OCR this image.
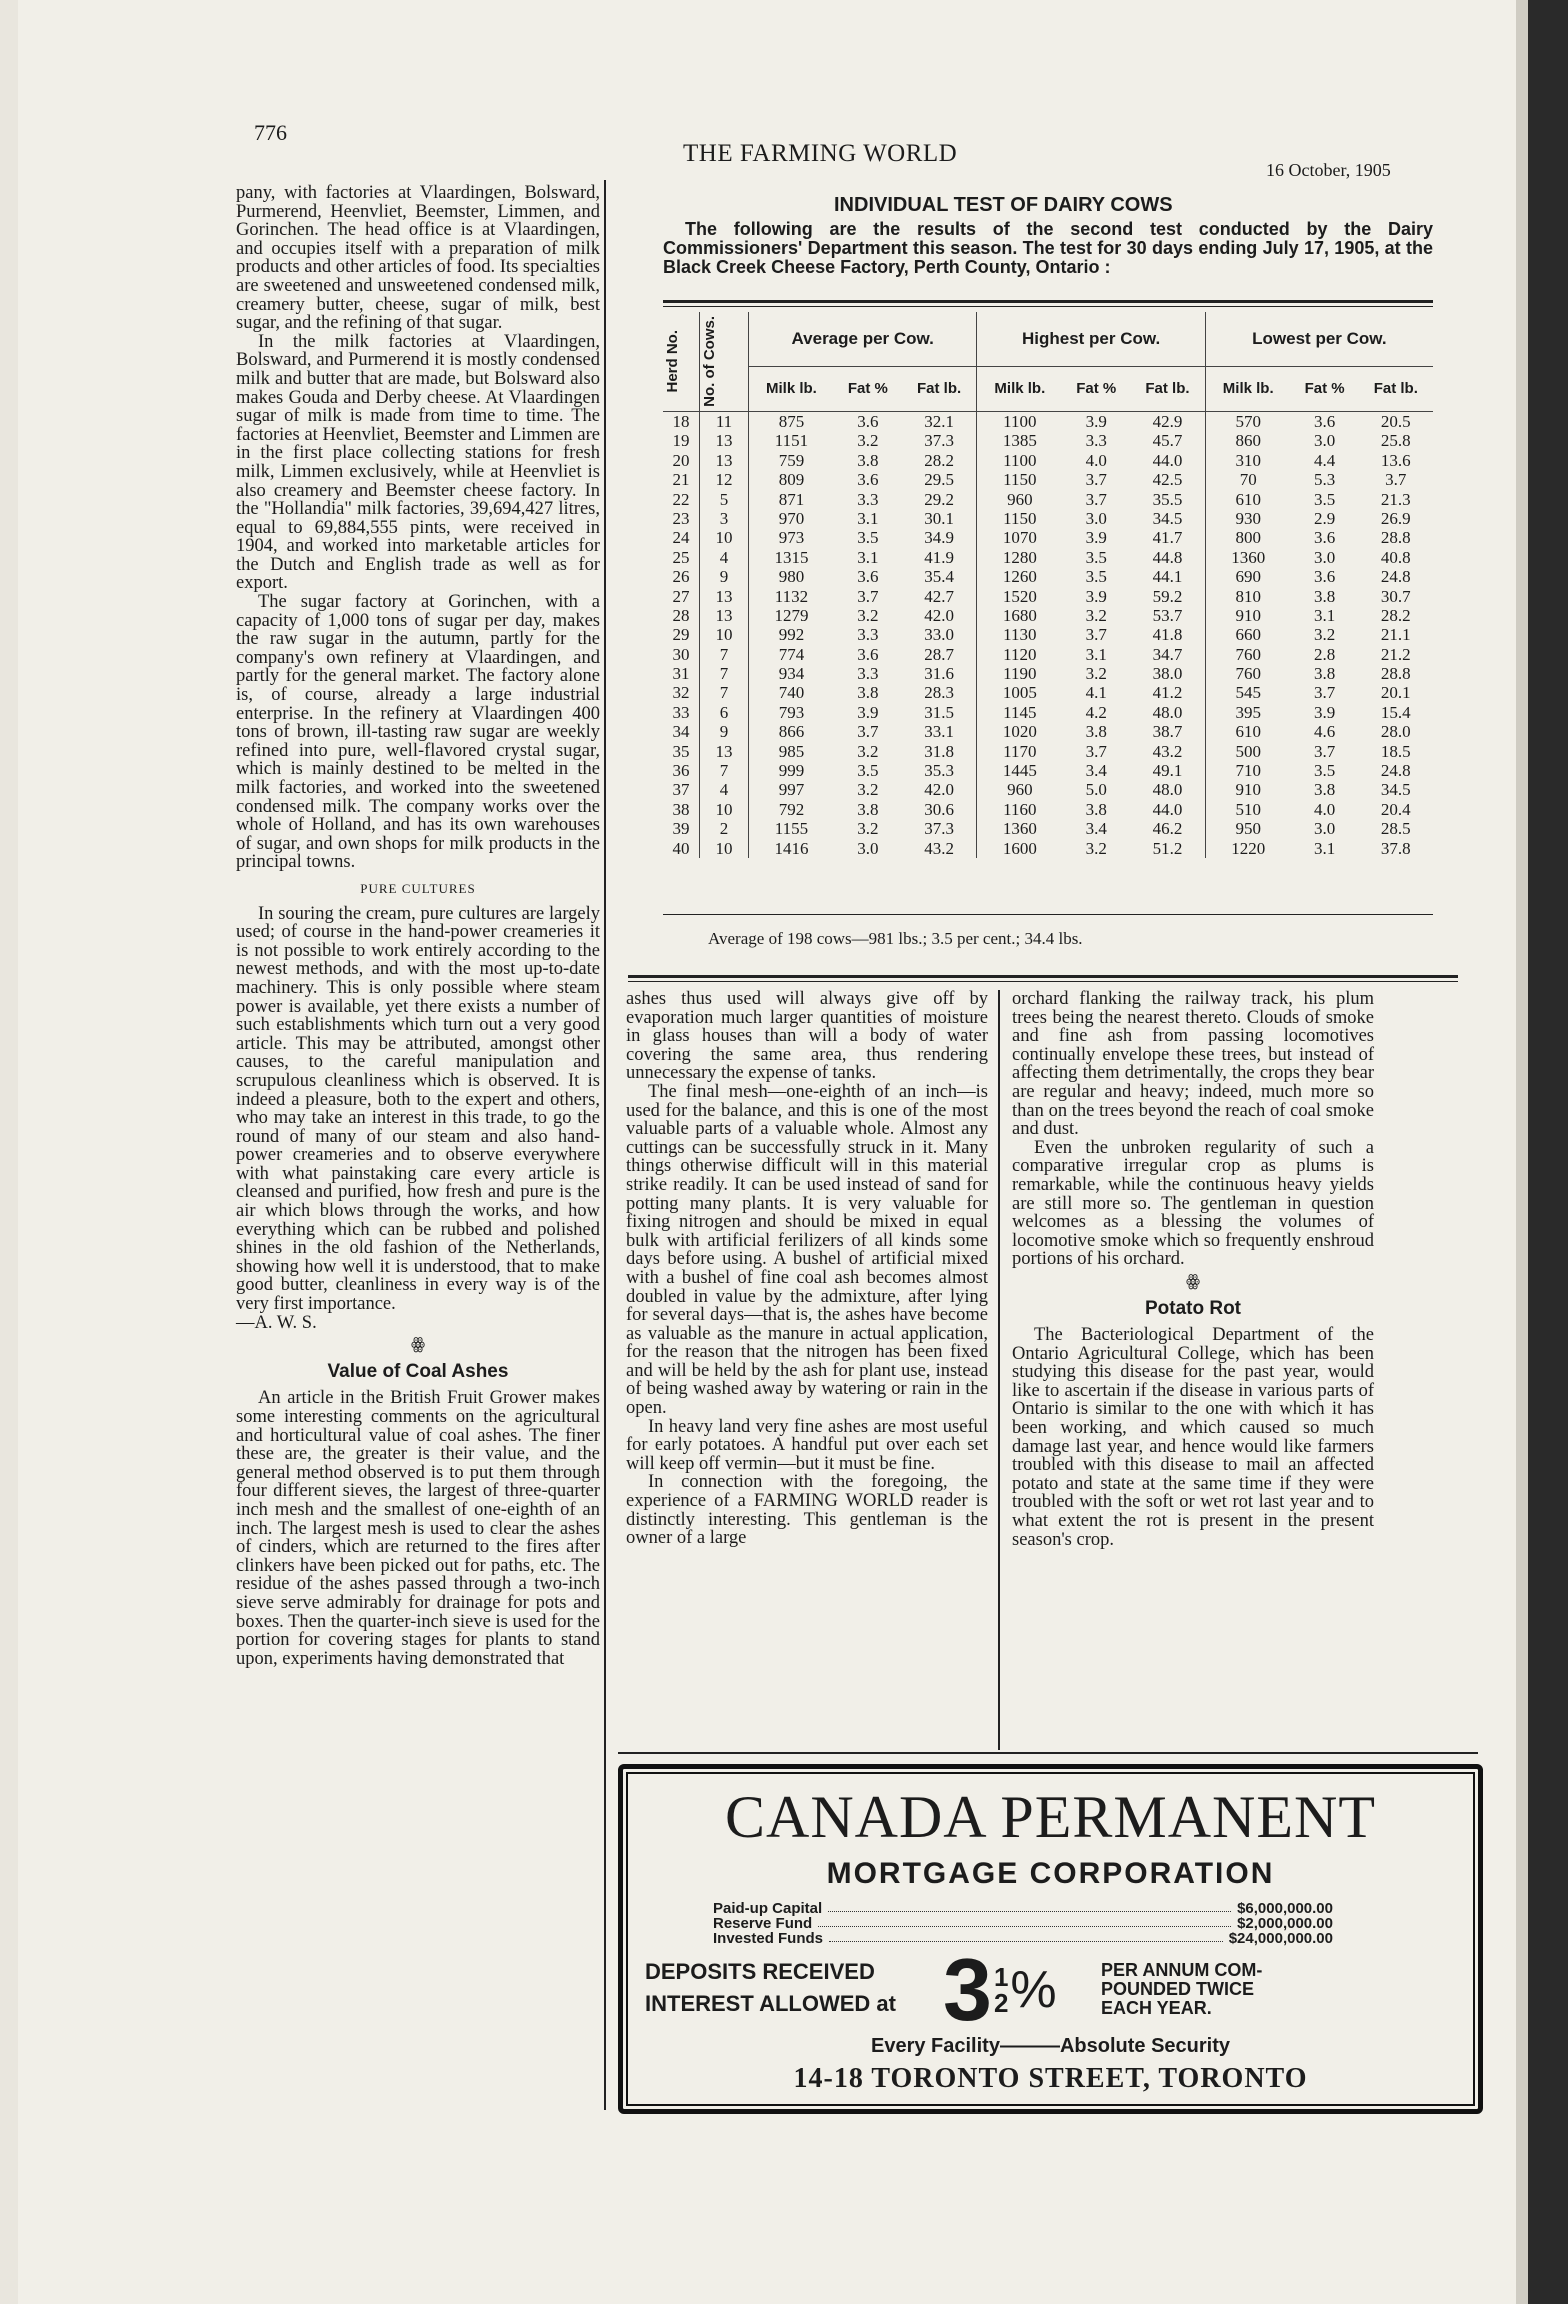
776
THE FARMING WORLD
16 October, 1905

pany, with factories at Vlaardingen, Bolsward, Purmerend, Heenvliet, Beemster, Limmen, and Gorinchen. The head office is at Vlaardingen, and occupies itself with a preparation of milk products and other articles of food. Its specialties are sweetened and unsweetened condensed milk, creamery butter, cheese, sugar of milk, best sugar, and the refining of that sugar.

In the milk factories at Vlaardingen, Bolsward, and Purmerend it is mostly condensed milk and butter that are made, but Bolsward also makes Gouda and Derby cheese. At Vlaardingen sugar of milk is made from time to time. The factories at Heenvliet, Beemster and Limmen are in the first place collecting stations for fresh milk, Limmen exclusively, while at Heenvliet is also creamery and Beemster cheese factory. In the "Hollandia" milk factories, 39,694,427 litres, equal to 69,884,555 pints, were received in 1904, and worked into marketable articles for the Dutch and English trade as well as for export.

The sugar factory at Gorinchen, with a capacity of 1,000 tons of sugar per day, makes the raw sugar in the autumn, partly for the company's own refinery at Vlaardingen, and partly for the general market. The factory alone is, of course, already a large industrial enterprise. In the refinery at Vlaardingen 400 tons of brown, ill-tasting raw sugar are weekly refined into pure, well-flavored crystal sugar, which is mainly destined to be melted in the milk factories, and worked into the sweetened condensed milk. The company works over the whole of Holland, and has its own warehouses of sugar, and own shops for milk products in the principal towns.

PURE CULTURES

In souring the cream, pure cultures are largely used; of course in the hand-power creameries it is not possible to work entirely according to the newest methods, and with the most up-to-date machinery. This is only possible where steam power is available, yet there exists a number of such establishments which turn out a very good article. This may be attributed, amongst other causes, to the careful manipulation and scrupulous cleanliness which is observed. It is indeed a pleasure, both to the expert and others, who may take an interest in this trade, to go the round of many of our steam and also hand-power creameries and to observe everywhere with what painstaking care every article is cleansed and purified, how fresh and pure is the air which blows through the works, and how everything which can be rubbed and polished shines in the old fashion of the Netherlands, showing how well it is understood, that to make good butter, cleanliness in every way is of the very first importance.

—A. W. S.
ꙮ
Value of Coal Ashes

An article in the British Fruit Grower makes some interesting comments on the agricultural and horticultural value of coal ashes. The finer these are, the greater is their value, and the general method observed is to put them through four different sieves, the largest of three-quarter inch mesh and the smallest of one-eighth of an inch. The largest mesh is used to clear the ashes of cinders, which are returned to the fires after clinkers have been picked out for paths, etc. The residue of the ashes passed through a two-inch sieve serve admirably for drainage for pots and boxes. Then the quarter-inch sieve is used for the portion for covering stages for plants to stand upon, experiments having demonstrated that

INDIVIDUAL TEST OF DAIRY COWS
The following are the results of the second test conducted by the Dairy Commissioners' Department this season. The test for 30 days ending July 17, 1905, at the Black Creek Cheese Factory, Perth County, Ontario :
Herd No.	No. of Cows.	Average per Cow.			Highest per Cow.			Lowest per Cow.		
		Milk lb.	Fat %	Fat lb.	Milk lb.	Fat %	Fat lb.	Milk lb.	Fat %	Fat lb.
18	11	875	3.6	32.1	1100	3.9	42.9	570	3.6	20.5
19	13	1151	3.2	37.3	1385	3.3	45.7	860	3.0	25.8
20	13	759	3.8	28.2	1100	4.0	44.0	310	4.4	13.6
21	12	809	3.6	29.5	1150	3.7	42.5	70	5.3	3.7
22	5	871	3.3	29.2	960	3.7	35.5	610	3.5	21.3
23	3	970	3.1	30.1	1150	3.0	34.5	930	2.9	26.9
24	10	973	3.5	34.9	1070	3.9	41.7	800	3.6	28.8
25	4	1315	3.1	41.9	1280	3.5	44.8	1360	3.0	40.8
26	9	980	3.6	35.4	1260	3.5	44.1	690	3.6	24.8
27	13	1132	3.7	42.7	1520	3.9	59.2	810	3.8	30.7
28	13	1279	3.2	42.0	1680	3.2	53.7	910	3.1	28.2
29	10	992	3.3	33.0	1130	3.7	41.8	660	3.2	21.1
30	7	774	3.6	28.7	1120	3.1	34.7	760	2.8	21.2
31	7	934	3.3	31.6	1190	3.2	38.0	760	3.8	28.8
32	7	740	3.8	28.3	1005	4.1	41.2	545	3.7	20.1
33	6	793	3.9	31.5	1145	4.2	48.0	395	3.9	15.4
34	9	866	3.7	33.1	1020	3.8	38.7	610	4.6	28.0
35	13	985	3.2	31.8	1170	3.7	43.2	500	3.7	18.5
36	7	999	3.5	35.3	1445	3.4	49.1	710	3.5	24.8
37	4	997	3.2	42.0	960	5.0	48.0	910	3.8	34.5
38	10	792	3.8	30.6	1160	3.8	44.0	510	4.0	20.4
39	2	1155	3.2	37.3	1360	3.4	46.2	950	3.0	28.5
40	10	1416	3.0	43.2	1600	3.2	51.2	1220	3.1	37.8
Average of 198 cows—981 lbs.; 3.5 per cent.; 34.4 lbs.

ashes thus used will always give off by evaporation much larger quantities of moisture in glass houses than will a body of water covering the same area, thus rendering unnecessary the expense of tanks.

The final mesh—one-eighth of an inch—is used for the balance, and this is one of the most valuable parts of a valuable whole. Almost any cuttings can be successfully struck in it. Many things otherwise difficult will in this material strike readily. It can be used instead of sand for potting many plants. It is very valuable for fixing nitrogen and should be mixed in equal bulk with artificial ferilizers of all kinds some days before using. A bushel of artificial mixed with a bushel of fine coal ash becomes almost doubled in value by the admixture, after lying for several days—that is, the ashes have become as valuable as the manure in actual application, for the reason that the nitrogen has been fixed and will be held by the ash for plant use, instead of being washed away by watering or rain in the open.

In heavy land very fine ashes are most useful for early potatoes. A handful put over each set will keep off vermin—but it must be fine.

In connection with the foregoing, the experience of a FARMING WORLD reader is distinctly interesting. This gentleman is the owner of a large

orchard flanking the railway track, his plum trees being the nearest thereto. Clouds of smoke and fine ash from passing locomotives continually envelope these trees, but instead of affecting them detrimentally, the crops they bear are regular and heavy; indeed, much more so than on the trees beyond the reach of coal smoke and dust.

Even the unbroken regularity of such a comparative irregular crop as plums is remarkable, while the continuous heavy yields are still more so. The gentleman in question welcomes as a blessing the volumes of locomotive smoke which so frequently enshroud portions of his orchard.

ꙮ
Potato Rot

The Bacteriological Department of the Ontario Agricultural College, which has been studying this disease for the past year, would like to ascertain if the disease in various parts of Ontario is similar to the one with which it has been working, and which caused so much damage last year, and hence would like farmers troubled with this disease to mail an affected potato and state at the same time if they were troubled with the soft or wet rot last year and to what extent the rot is present in the present season's crop.

CANADA PERMANENT
MORTGAGE CORPORATION
Paid-up Capital	$6,000,000.00
Reserve Fund	$2,000,000.00
Invested Funds	$24,000,000.00
DEPOSITS RECEIVED
INTEREST ALLOWED at 3 1
2 % PER ANNUM COM-POUNDED TWICE EACH YEAR.
Every Facility———Absolute Security
14-18 TORONTO STREET, TORONTO
